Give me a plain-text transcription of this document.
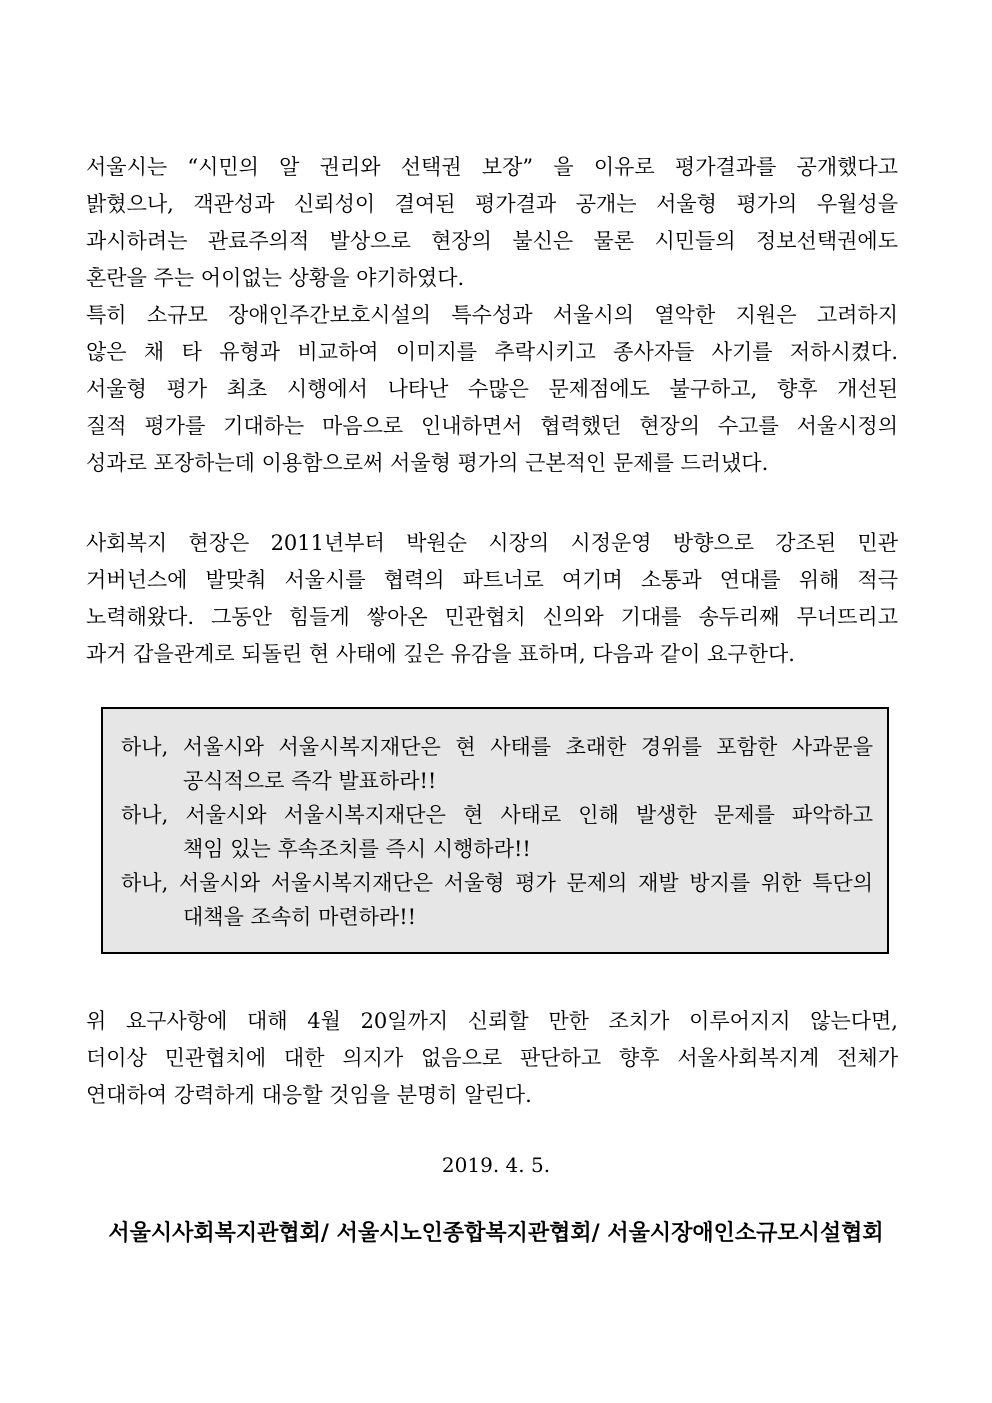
서울시는 “시민의 알 권리와 선택권 보장” 을 이유로 평가결과를 공개했다고
밝혔으나, 객관성과 신뢰성이 결여된 평가결과 공개는 서울형 평가의 우월성을
과시하려는 관료주의적 발상으로 현장의 불신은 물론 시민들의 정보선택권에도
혼란을 주는 어이없는 상황을 야기하였다.
특히 소규모 장애인주간보호시설의 특수성과 서울시의 열악한 지원은 고려하지
않은 채 타 유형과 비교하여 이미지를 추락시키고 종사자들 사기를 저하시켰다.
서울형 평가 최초 시행에서 나타난 수많은 문제점에도 불구하고, 향후 개선된
질적 평가를 기대하는 마음으로 인내하면서 협력했던 현장의 수고를 서울시정의
성과로 포장하는데 이용함으로써 서울형 평가의 근본적인 문제를 드러냈다.
사회복지 현장은 2011년부터 박원순 시장의 시정운영 방향으로 강조된 민관
거버넌스에 발맞춰 서울시를 협력의 파트너로 여기며 소통과 연대를 위해 적극
노력해왔다. 그동안 힘들게 쌓아온 민관협치 신의와 기대를 송두리째 무너뜨리고
과거 갑을관계로 되돌린 현 사태에 깊은 유감을 표하며, 다음과 같이 요구한다.
하나, 서울시와 서울시복지재단은 현 사태를 초래한 경위를 포함한 사과문을
공식적으로 즉각 발표하라!!
하나, 서울시와 서울시복지재단은 현 사태로 인해 발생한 문제를 파악하고
책임 있는 후속조치를 즉시 시행하라!!
하나, 서울시와 서울시복지재단은 서울형 평가 문제의 재발 방지를 위한 특단의
대책을 조속히 마련하라!!
위 요구사항에 대해 4월 20일까지 신뢰할 만한 조치가 이루어지지 않는다면,
더이상 민관협치에 대한 의지가 없음으로 판단하고 향후 서울사회복지계 전체가
연대하여 강력하게 대응할 것임을 분명히 알린다.

2019. 4. 5.

서울시사회복지관협회/ 서울시노인종합복지관협회/ 서울시장애인소규모시설협회
